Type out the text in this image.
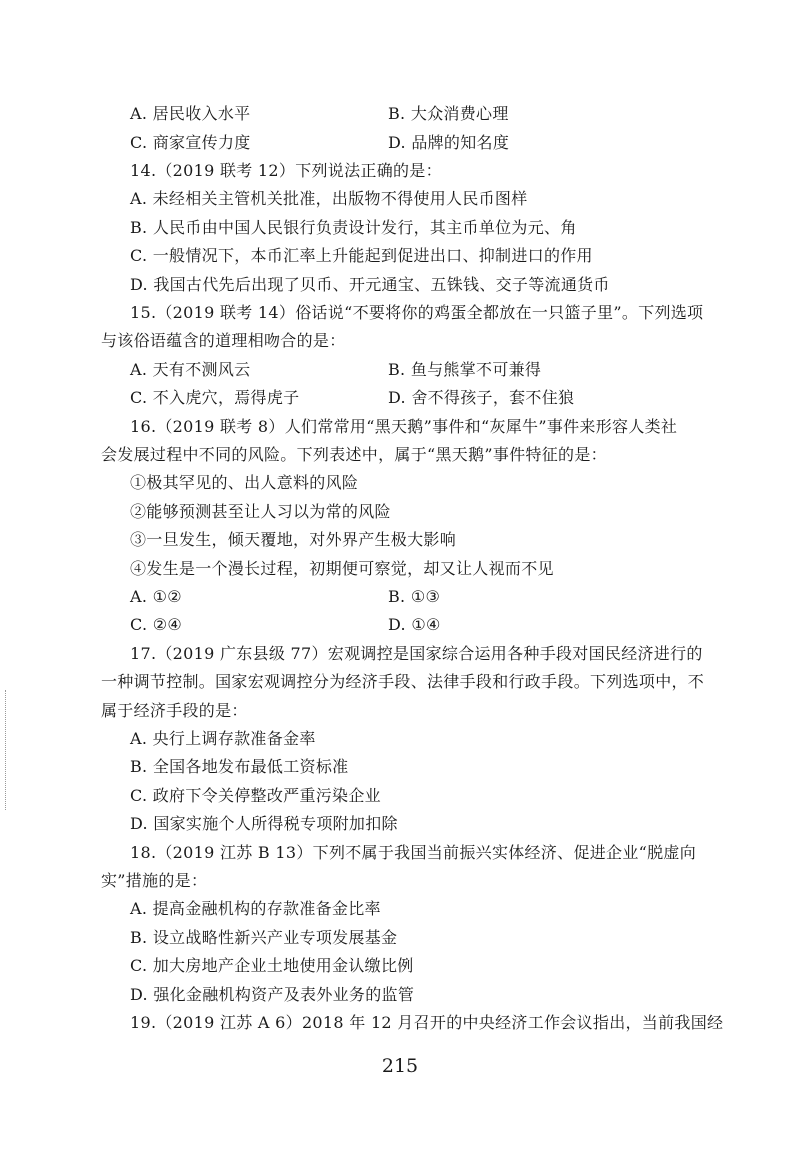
A. 居民收入水平	B. 大众消费心理
C. 商家宣传力度	D. 品牌的知名度
14.（2019 联考 12）下列说法正确的是：
A. 未经相关主管机关批准，出版物不得使用人民币图样
B. 人民币由中国人民银行负责设计发行，其主币单位为元、角
C. 一般情况下，本币汇率上升能起到促进出口、抑制进口的作用
D. 我国古代先后出现了贝币、开元通宝、五铢钱、交子等流通货币
15.（2019 联考 14）俗话说“不要将你的鸡蛋全都放在一只篮子里”。下列选项
与该俗语蕴含的道理相吻合的是：
A. 天有不测风云	B. 鱼与熊掌不可兼得
C. 不入虎穴，焉得虎子	D. 舍不得孩子，套不住狼
16.（2019 联考 8）人们常常用“黑天鹅”事件和“灰犀牛”事件来形容人类社
会发展过程中不同的风险。下列表述中，属于“黑天鹅”事件特征的是：
①极其罕见的、出人意料的风险
②能够预测甚至让人习以为常的风险
③一旦发生，倾天覆地，对外界产生极大影响
④发生是一个漫长过程，初期便可察觉，却又让人视而不见
A. ①②	B. ①③
C. ②④	D. ①④
17.（2019 广东县级 77）宏观调控是国家综合运用各种手段对国民经济进行的
一种调节控制。国家宏观调控分为经济手段、法律手段和行政手段。下列选项中，不
属于经济手段的是：
A. 央行上调存款准备金率
B. 全国各地发布最低工资标准
C. 政府下令关停整改严重污染企业
D. 国家实施个人所得税专项附加扣除
18.（2019 江苏 B 13）下列不属于我国当前振兴实体经济、促进企业“脱虚向
实”措施的是：
A. 提高金融机构的存款准备金比率
B. 设立战略性新兴产业专项发展基金
C. 加大房地产企业土地使用金认缴比例
D. 强化金融机构资产及表外业务的监管
19.（2019 江苏 A 6）2018 年 12 月召开的中央经济工作会议指出，当前我国经
215
